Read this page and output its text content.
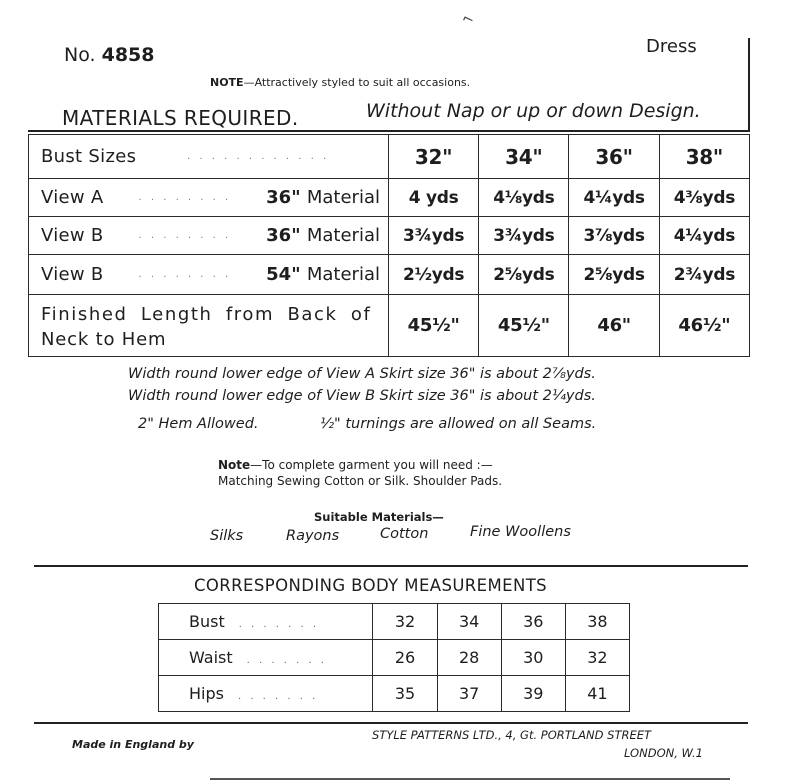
⌐
No. 4858	Dress
NOTE—Attractively styled to suit all occasions.
MATERIALS REQUIRED.	Without Nap or up or down Design.
Bust Sizes . . . . . . . . . . . .	32"	34"	36"	38"

View A . . . . . . . . 36" Material	4 yds	4⅛yds	4¼yds	4⅜yds

View B . . . . . . . . 36" Material	3¾yds	3¾yds	3⅞yds	4¼yds

View B . . . . . . . . 54" Material	2½yds	2⅝yds	2⅝yds	2¾yds

Finished Length from Back of
Neck to Hem	45½"	45½"	46"	46½"
Width round lower edge of View A Skirt size 36" is about 2⅞yds.
Width round lower edge of View B Skirt size 36" is about 2¼yds.
2" Hem Allowed.	½" turnings are allowed on all Seams.
Note—To complete garment you will need :—
Matching Sewing Cotton or Silk. Shoulder Pads.
Suitable Materials—
Silks	Rayons	Cotton	Fine Woollens
CORRESPONDING BODY MEASUREMENTS
Bust . . . . . . .	32	34	36	38
Waist . . . . . . .	26	28	30	32
Hips . . . . . . .	35	37	39	41
Made in England by
STYLE PATTERNS LTD., 4, Gt. PORTLAND STREET
LONDON, W.1
